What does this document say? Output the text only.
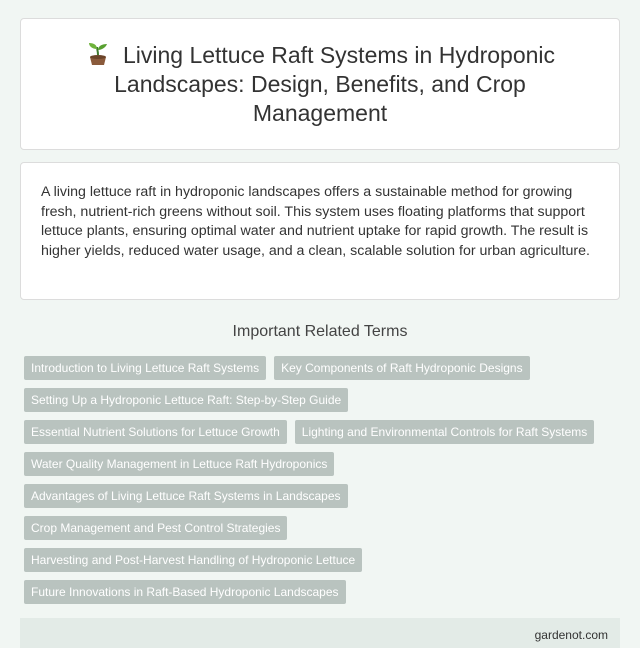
Living Lettuce Raft Systems in Hydroponic Landscapes: Design, Benefits, and Crop Management

A living lettuce raft in hydroponic landscapes offers a sustainable method for growing fresh, nutrient-rich greens without soil. This system uses floating platforms that support lettuce plants, ensuring optimal water and nutrient uptake for rapid growth. The result is higher yields, reduced water usage, and a clean, scalable solution for urban agriculture.

Important Related Terms
Introduction to Living Lettuce Raft Systems	Key Components of Raft Hydroponic Designs
Setting Up a Hydroponic Lettuce Raft: Step-by-Step Guide
Essential Nutrient Solutions for Lettuce Growth	Lighting and Environmental Controls for Raft Systems
Water Quality Management in Lettuce Raft Hydroponics
Advantages of Living Lettuce Raft Systems in Landscapes
Crop Management and Pest Control Strategies
Harvesting and Post-Harvest Handling of Hydroponic Lettuce
Future Innovations in Raft-Based Hydroponic Landscapes
gardenot.com
